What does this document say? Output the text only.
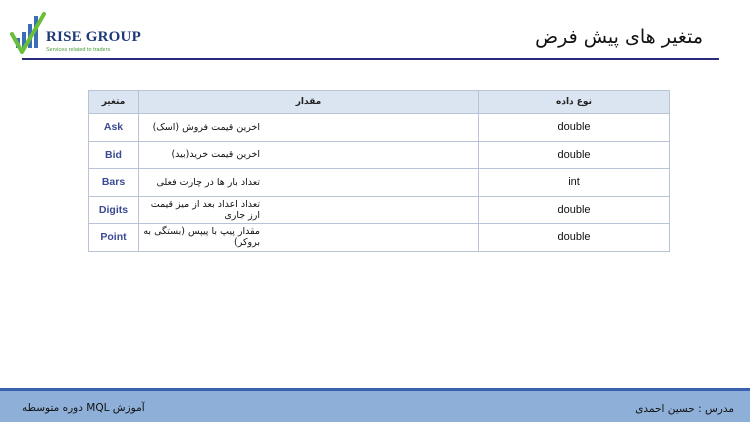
RISE GROUP
Services related to traders
متغیر های پیش فرض
متغیر	مقدار	نوع داده
Ask	اخرین قیمت فروش (اسک)	double
Bid	اخرین قیمت خرید(بید)	double
Bars	تعداد بار ها در چارت فعلی	int
Digits	تعداد اعداد بعد از میز قیمت ارز جاری	double
Point	مقدار پیپ با پیپس (بستگی به بروکر)	double
آموزش MQL دوره متوسطه	مدرس : حسین احمدی
